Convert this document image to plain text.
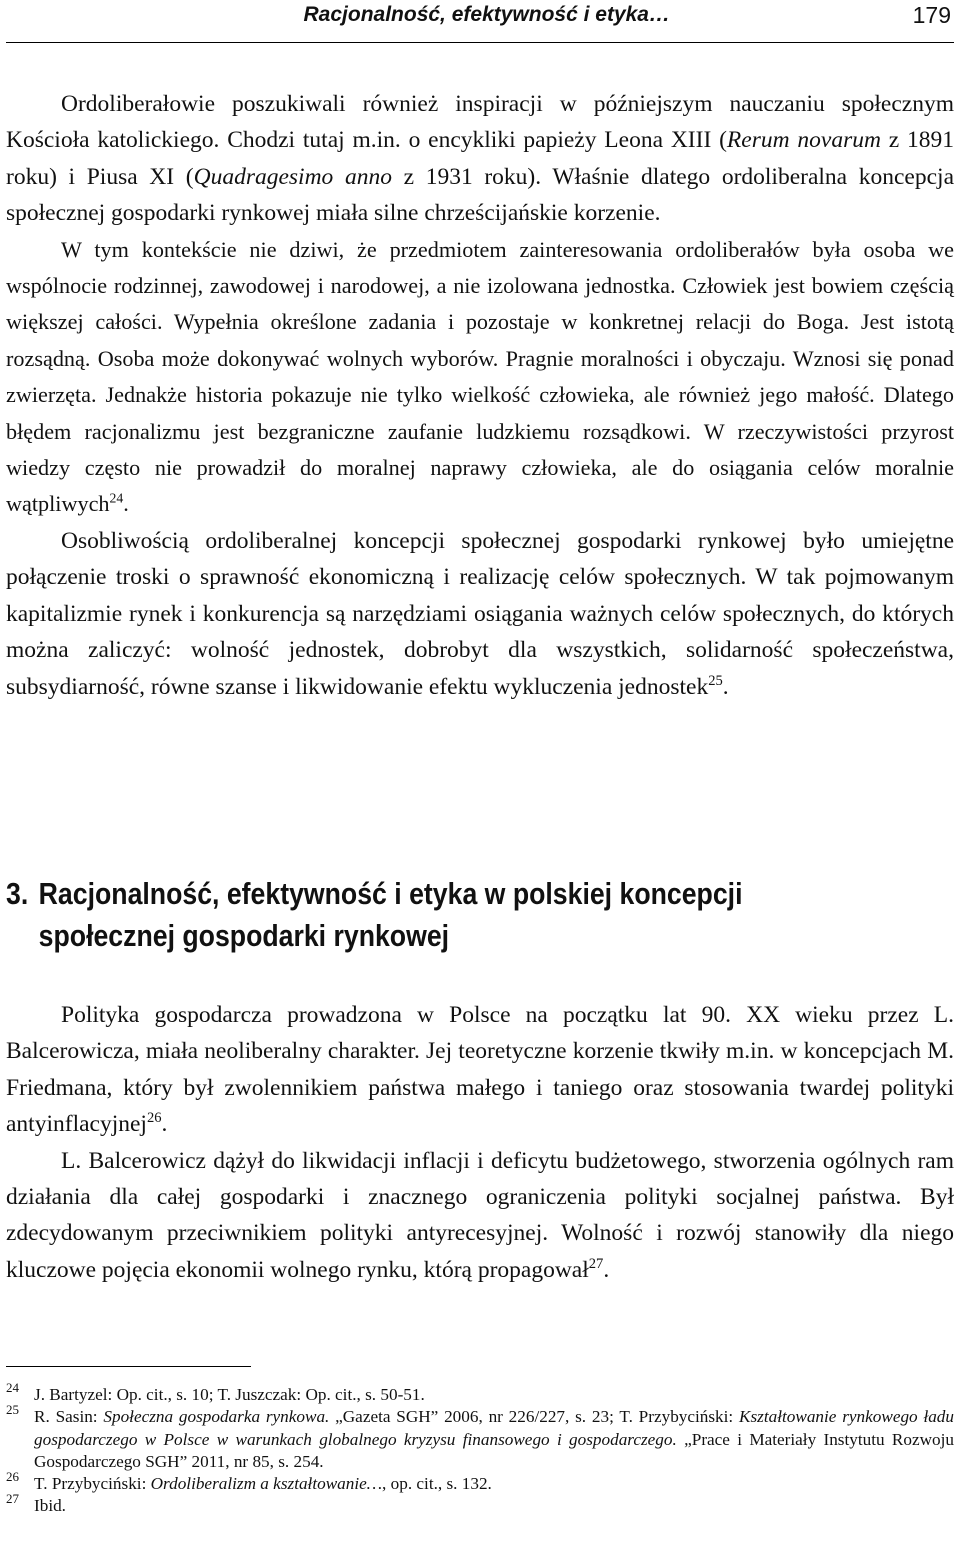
Racjonalność, efektywność i etyka…	179

Ordoliberałowie poszukiwali również inspiracji w późniejszym nauczaniu społecznym Kościoła katolickiego. Chodzi tutaj m.in. o encykliki papieży Leona XIII (Rerum novarum z 1891 roku) i Piusa XI (Quadragesimo anno z 1931 roku). Właśnie dlatego ordoliberalna koncepcja społecznej gospodarki rynkowej miała silne chrześcijańskie korzenie.

W tym kontekście nie dziwi, że przedmiotem zainteresowania ordoliberałów była osoba we wspólnocie rodzinnej, zawodowej i narodowej, a nie izolowana jednostka. Człowiek jest bowiem częścią większej całości. Wypełnia określone zadania i pozostaje w konkretnej relacji do Boga. Jest istotą rozsądną. Osoba może dokonywać wolnych wyborów. Pragnie moralności i obyczaju. Wznosi się ponad zwierzęta. Jednakże historia pokazuje nie tylko wielkość człowieka, ale również jego małość. Dlatego błędem racjonalizmu jest bezgraniczne zaufanie ludzkiemu rozsądkowi. W rzeczywistości przyrost wiedzy często nie prowadził do moralnej naprawy człowieka, ale do osiągania celów moralnie wątpliwych$^{24}$.

Osobliwością ordoliberalnej koncepcji społecznej gospodarki rynkowej było umiejętne połączenie troski o sprawność ekonomiczną i realizację celów społecznych. W tak pojmowanym kapitalizmie rynek i konkurencja są narzędziami osiągania ważnych celów społecznych, do których można zaliczyć: wolność jednostek, dobrobyt dla wszystkich, solidarność społeczeństwa, subsydiarność, równe szanse i likwidowanie efektu wykluczenia jednostek$^{25}$.

3. Racjonalność, efektywność i etyka w polskiej koncepcji
społecznej gospodarki rynkowej

Polityka gospodarcza prowadzona w Polsce na początku lat 90. XX wieku przez L. Balcerowicza, miała neoliberalny charakter. Jej teoretyczne korzenie tkwiły m.in. w koncepcjach M. Friedmana, który był zwolennikiem państwa małego i taniego oraz stosowania twardej polityki antyinflacyjnej$^{26}$.

L. Balcerowicz dążył do likwidacji inflacji i deficytu budżetowego, stworzenia ogólnych ram działania dla całej gospodarki i znacznego ograniczenia polityki socjalnej państwa. Był zdecydowanym przeciwnikiem polityki antyrecesyjnej. Wolność i rozwój stanowiły dla niego kluczowe pojęcia ekonomii wolnego rynku, którą propagował$^{27}$.

24 J. Bartyzel: Op. cit., s. 10; T. Juszczak: Op. cit., s. 50-51.
25 R. Sasin: Społeczna gospodarka rynkowa. „Gazeta SGH” 2006, nr 226/227, s. 23; T. Przybyciński: Kształtowanie rynkowego ładu gospodarczego w Polsce w warunkach globalnego kryzysu finansowego i gospodarczego. „Prace i Materiały Instytutu Rozwoju Gospodarczego SGH” 2011, nr 85, s. 254.
26 T. Przybyciński: Ordoliberalizm a kształtowanie…, op. cit., s. 132.
27 Ibid.
